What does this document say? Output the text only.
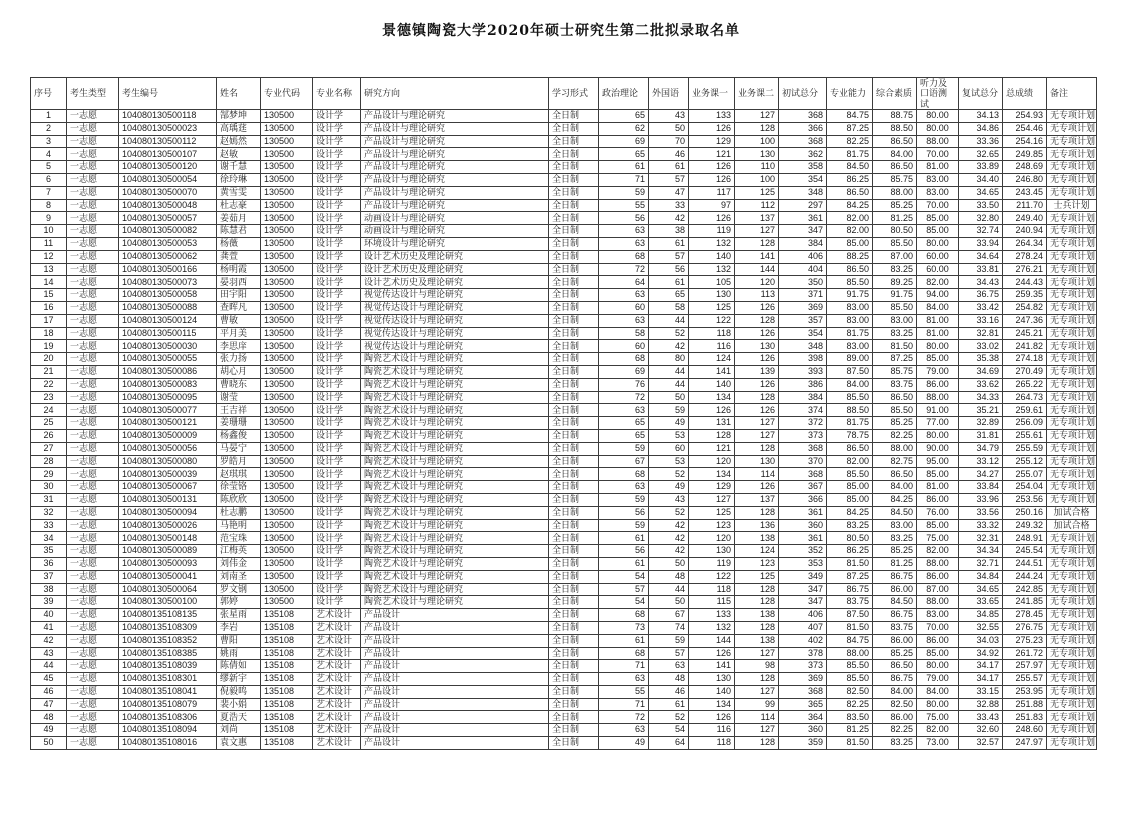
景德镇陶瓷大学2020年硕士研究生第二批拟录取名单
序号	考生类型	考生编号	姓名	专业代码	专业名称	研究方向	学习形式	政治理论	外国语	业务课一	业务课二	初试总分	专业能力	综合素质	听力及口语测试	复试总分	总成绩	备注
1	一志愿	104080130500118	郜梦坤	130500	设计学	产品设计与理论研究	全日制	65	43	133	127	368	84.75	88.75	80.00	34.13	254.93	无专项计划
2	一志愿	104080130500023	高瑀莛	130500	设计学	产品设计与理论研究	全日制	62	50	126	128	366	87.25	88.50	80.00	34.86	254.46	无专项计划
3	一志愿	104080130500112	赵嫣然	130500	设计学	产品设计与理论研究	全日制	69	70	129	100	368	82.25	86.50	88.00	33.36	254.16	无专项计划
4	一志愿	104080130500107	赵敏	130500	设计学	产品设计与理论研究	全日制	65	46	121	130	362	81.75	84.00	70.00	32.65	249.85	无专项计划
5	一志愿	104080130500120	谢千慧	130500	设计学	产品设计与理论研究	全日制	61	61	126	110	358	84.50	86.50	81.00	33.89	248.69	无专项计划
6	一志愿	104080130500054	徐玲琳	130500	设计学	产品设计与理论研究	全日制	71	57	126	100	354	86.25	85.75	83.00	34.40	246.80	无专项计划
7	一志愿	104080130500070	黄雪雯	130500	设计学	产品设计与理论研究	全日制	59	47	117	125	348	86.50	88.00	83.00	34.65	243.45	无专项计划
8	一志愿	104080130500048	杜志豪	130500	设计学	产品设计与理论研究	全日制	55	33	97	112	297	84.25	85.25	70.00	33.50	211.70	士兵计划
9	一志愿	104080130500057	姜茹月	130500	设计学	动画设计与理论研究	全日制	56	42	126	137	361	82.00	81.25	85.00	32.80	249.40	无专项计划
10	一志愿	104080130500082	陈慧君	130500	设计学	动画设计与理论研究	全日制	63	38	119	127	347	82.00	80.50	85.00	32.74	240.94	无专项计划
11	一志愿	104080130500053	杨薇	130500	设计学	环境设计与理论研究	全日制	63	61	132	128	384	85.00	85.50	80.00	33.94	264.34	无专项计划
12	一志愿	104080130500062	龚萱	130500	设计学	设计艺术历史及理论研究	全日制	68	57	140	141	406	88.25	87.00	60.00	34.64	278.24	无专项计划
13	一志愿	104080130500166	杨明霞	130500	设计学	设计艺术历史及理论研究	全日制	72	56	132	144	404	86.50	83.25	60.00	33.81	276.21	无专项计划
14	一志愿	104080130500073	晏羽西	130500	设计学	设计艺术历史及理论研究	全日制	64	61	105	120	350	85.50	89.25	82.00	34.43	244.43	无专项计划
15	一志愿	104080130500058	田宇阳	130500	设计学	视觉传达设计与理论研究	全日制	63	65	130	113	371	91.75	91.75	94.00	36.75	259.35	无专项计划
16	一志愿	104080130500088	查晖凡	130500	设计学	视觉传达设计与理论研究	全日制	60	58	125	126	369	83.00	85.50	84.00	33.42	254.82	无专项计划
17	一志愿	104080130500124	曹敏	130500	设计学	视觉传达设计与理论研究	全日制	63	44	122	128	357	83.00	83.00	81.00	33.16	247.36	无专项计划
18	一志愿	104080130500115	平月美	130500	设计学	视觉传达设计与理论研究	全日制	58	52	118	126	354	81.75	83.25	81.00	32.81	245.21	无专项计划
19	一志愿	104080130500030	李思庠	130500	设计学	视觉传达设计与理论研究	全日制	60	42	116	130	348	83.00	81.50	80.00	33.02	241.82	无专项计划
20	一志愿	104080130500055	张力扬	130500	设计学	陶瓷艺术设计与理论研究	全日制	68	80	124	126	398	89.00	87.25	85.00	35.38	274.18	无专项计划
21	一志愿	104080130500086	胡心月	130500	设计学	陶瓷艺术设计与理论研究	全日制	69	44	141	139	393	87.50	85.75	79.00	34.69	270.49	无专项计划
22	一志愿	104080130500083	曹晓东	130500	设计学	陶瓷艺术设计与理论研究	全日制	76	44	140	126	386	84.00	83.75	86.00	33.62	265.22	无专项计划
23	一志愿	104080130500095	谢莹	130500	设计学	陶瓷艺术设计与理论研究	全日制	72	50	134	128	384	85.50	86.50	88.00	34.33	264.73	无专项计划
24	一志愿	104080130500077	王吉祥	130500	设计学	陶瓷艺术设计与理论研究	全日制	63	59	126	126	374	88.50	85.50	91.00	35.21	259.61	无专项计划
25	一志愿	104080130500121	姜珊珊	130500	设计学	陶瓷艺术设计与理论研究	全日制	65	49	131	127	372	81.75	85.25	77.00	32.89	256.09	无专项计划
26	一志愿	104080130500009	杨鑫俊	130500	设计学	陶瓷艺术设计与理论研究	全日制	65	53	128	127	373	78.75	82.25	80.00	31.81	255.61	无专项计划
27	一志愿	104080130500056	马晏宁	130500	设计学	陶瓷艺术设计与理论研究	全日制	59	60	121	128	368	86.50	88.00	90.00	34.79	255.59	无专项计划
28	一志愿	104080130500080	罗皓月	130500	设计学	陶瓷艺术设计与理论研究	全日制	67	53	120	130	370	82.00	82.75	95.00	33.12	255.12	无专项计划
29	一志愿	104080130500039	赵琪琪	130500	设计学	陶瓷艺术设计与理论研究	全日制	68	52	134	114	368	85.50	86.50	85.00	34.27	255.07	无专项计划
30	一志愿	104080130500067	徐莹铬	130500	设计学	陶瓷艺术设计与理论研究	全日制	63	49	129	126	367	85.00	84.00	81.00	33.84	254.04	无专项计划
31	一志愿	104080130500131	陈欣欣	130500	设计学	陶瓷艺术设计与理论研究	全日制	59	43	127	137	366	85.00	84.25	86.00	33.96	253.56	无专项计划
32	一志愿	104080130500094	杜志鹏	130500	设计学	陶瓷艺术设计与理论研究	全日制	56	52	125	128	361	84.25	84.50	76.00	33.56	250.16	加试合格
33	一志愿	104080130500026	马艳明	130500	设计学	陶瓷艺术设计与理论研究	全日制	59	42	123	136	360	83.25	83.00	85.00	33.32	249.32	加试合格
34	一志愿	104080130500148	范宝珠	130500	设计学	陶瓷艺术设计与理论研究	全日制	61	42	120	138	361	80.50	83.25	75.00	32.31	248.91	无专项计划
35	一志愿	104080130500089	江梅英	130500	设计学	陶瓷艺术设计与理论研究	全日制	56	42	130	124	352	86.25	85.25	82.00	34.34	245.54	无专项计划
36	一志愿	104080130500093	刘伟金	130500	设计学	陶瓷艺术设计与理论研究	全日制	61	50	119	123	353	81.50	81.25	88.00	32.71	244.51	无专项计划
37	一志愿	104080130500041	刘南圣	130500	设计学	陶瓷艺术设计与理论研究	全日制	54	48	122	125	349	87.25	86.75	86.00	34.84	244.24	无专项计划
38	一志愿	104080130500064	罗文钢	130500	设计学	陶瓷艺术设计与理论研究	全日制	57	44	118	128	347	86.75	86.00	87.00	34.65	242.85	无专项计划
39	一志愿	104080130500100	郭婷	130500	设计学	陶瓷艺术设计与理论研究	全日制	54	50	115	128	347	83.75	84.50	88.00	33.65	241.85	无专项计划
40	一志愿	104080135108135	张星雨	135108	艺术设计	产品设计	全日制	68	67	133	138	406	87.50	86.75	83.00	34.85	278.45	无专项计划
41	一志愿	104080135108309	李岩	135108	艺术设计	产品设计	全日制	73	74	132	128	407	81.50	83.75	70.00	32.55	276.75	无专项计划
42	一志愿	104080135108352	曹阳	135108	艺术设计	产品设计	全日制	61	59	144	138	402	84.75	86.00	86.00	34.03	275.23	无专项计划
43	一志愿	104080135108385	姚雨	135108	艺术设计	产品设计	全日制	68	57	126	127	378	88.00	85.25	85.00	34.92	261.72	无专项计划
44	一志愿	104080135108039	陈倩如	135108	艺术设计	产品设计	全日制	71	63	141	98	373	85.50	86.50	80.00	34.17	257.97	无专项计划
45	一志愿	104080135108301	缪新宇	135108	艺术设计	产品设计	全日制	63	48	130	128	369	85.50	86.75	79.00	34.17	255.57	无专项计划
46	一志愿	104080135108041	倪毅鸣	135108	艺术设计	产品设计	全日制	55	46	140	127	368	82.50	84.00	84.00	33.15	253.95	无专项计划
47	一志愿	104080135108079	裴小娟	135108	艺术设计	产品设计	全日制	71	61	134	99	365	82.25	82.50	80.00	32.88	251.88	无专项计划
48	一志愿	104080135108306	夏浩天	135108	艺术设计	产品设计	全日制	72	52	126	114	364	83.50	86.00	75.00	33.43	251.83	无专项计划
49	一志愿	104080135108094	刘尚	135108	艺术设计	产品设计	全日制	63	54	116	127	360	81.25	82.25	82.00	32.60	248.60	无专项计划
50	一志愿	104080135108016	袁文惠	135108	艺术设计	产品设计	全日制	49	64	118	128	359	81.50	83.25	73.00	32.57	247.97	无专项计划
